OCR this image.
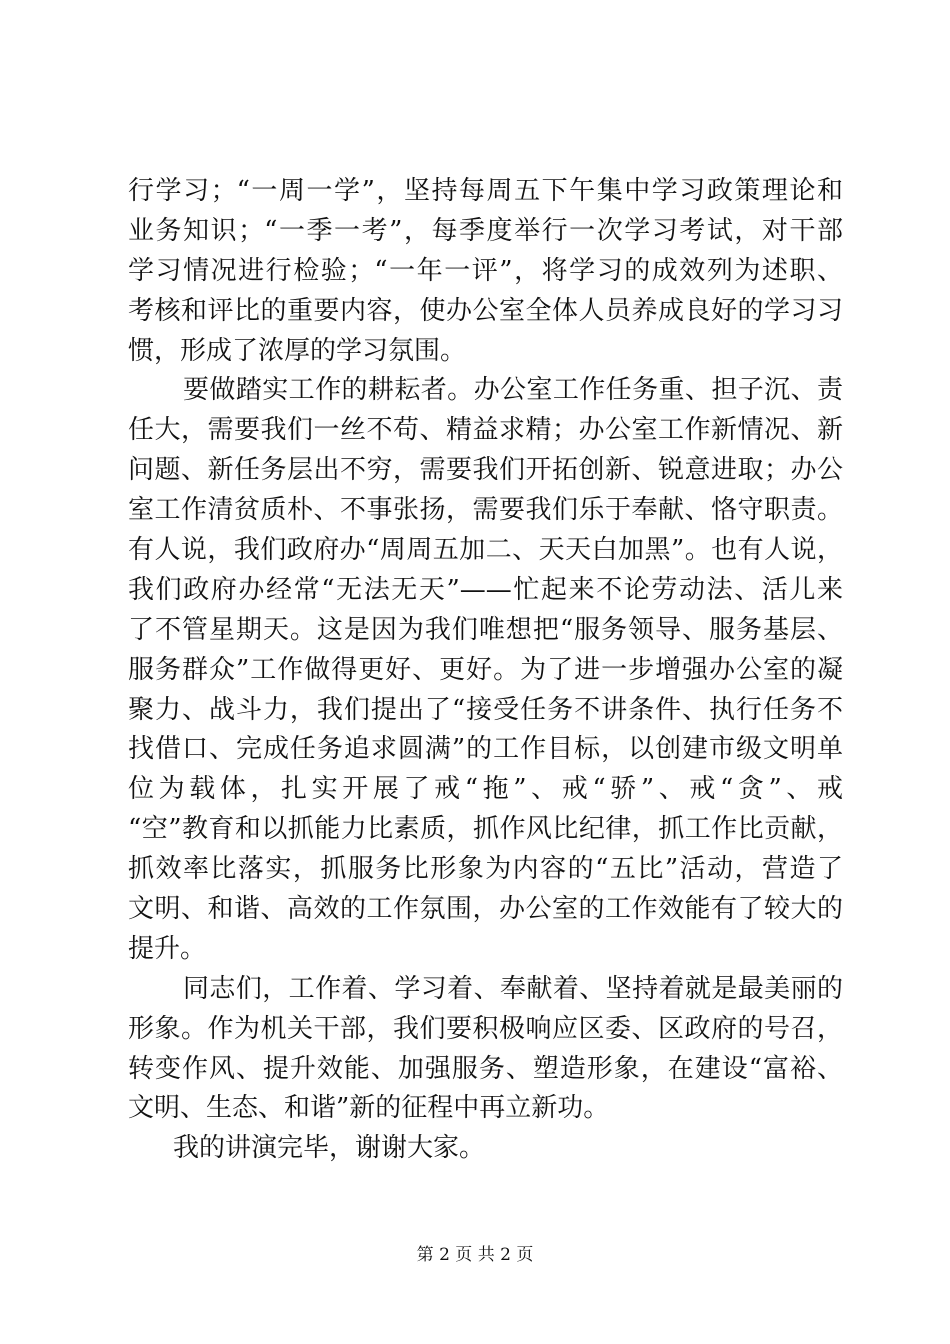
行学习；“一周一学”，坚持每周五下午集中学习政策理论和
业务知识；“一季一考”，每季度举行一次学习考试，对干部
学习情况进行检验；“一年一评”，将学习的成效列为述职、
考核和评比的重要内容，使办公室全体人员养成良好的学习习
惯，形成了浓厚的学习氛围。
要做踏实工作的耕耘者。办公室工作任务重、担子沉、责
任大，需要我们一丝不苟、精益求精；办公室工作新情况、新
问题、新任务层出不穷，需要我们开拓创新、锐意进取；办公
室工作清贫质朴、不事张扬，需要我们乐于奉献、恪守职责。
有人说，我们政府办“周周五加二、天天白加黑”。也有人说，
我们政府办经常“无法无天”——忙起来不论劳动法、活儿来
了不管星期天。这是因为我们唯想把“服务领导、服务基层、
服务群众”工作做得更好、更好。为了进一步增强办公室的凝
聚力、战斗力，我们提出了“接受任务不讲条件、执行任务不
找借口、完成任务追求圆满”的工作目标，以创建市级文明单
位为载体，扎实开展了戒“拖”、戒“骄”、戒“贪”、戒
“空”教育和以抓能力比素质，抓作风比纪律，抓工作比贡献，
抓效率比落实，抓服务比形象为内容的“五比”活动，营造了
文明、和谐、高效的工作氛围，办公室的工作效能有了较大的
提升。
同志们，工作着、学习着、奉献着、坚持着就是最美丽的
形象。作为机关干部，我们要积极响应区委、区政府的号召，
转变作风、提升效能、加强服务、塑造形象，在建设“富裕、
文明、生态、和谐”新的征程中再立新功。
我的讲演完毕，谢谢大家。
第 2 页 共 2 页
